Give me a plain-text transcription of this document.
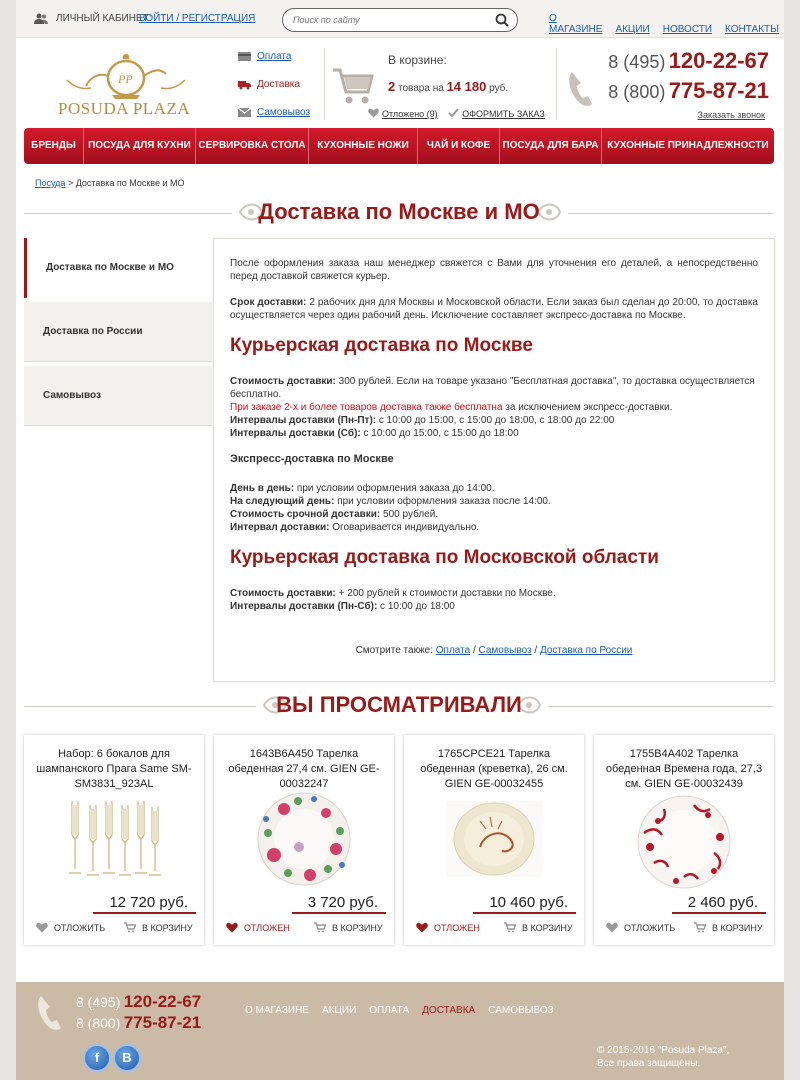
ЛИЧНЫЙ КАБИНЕТ:
ВОЙТИ / РЕГИСТРАЦИЯ
Поиск по сайту	О МАГАЗИНЕ АКЦИИ НОВОСТИ КОНТАКТЫ
PP
POSUDA PLAZA
Оплата
Доставка
Самовывоз
В корзине:
2 товара на 14 180 руб.
Отложено (9)	ОФОРМИТЬ ЗАКАЗ
8 (495) 120-22-67
8 (800) 775-87-21
Заказать звонок
БРЕНДЫ	ПОСУДА ДЛЯ КУХНИ СЕРВИРОВКА СТОЛА	КУХОННЫЕ НОЖИ	ЧАЙ И КОФЕ	ПОСУДА ДЛЯ БАРА КУХОННЫЕ ПРИНАДЛЕЖНОСТИ
Посуда > Доставка по Москве и МО
Доставка по Москве и МО
Доставка по Москве и МО
Доставка по России
Самовывоз

После оформления заказа наш менеджер свяжется с Вами для уточнения его деталей, а непосредственно перед доставкой свяжется курьер.

Срок доставки: 2 рабочих дня для Москвы и Московской области. Если заказ был сделан до 20:00, то доставка осуществляется через один рабочий день. Исключение составляет экспресс-доставка по Москве.

Курьерская доставка по Москве

Стоимость доставки: 300 рублей. Если на товаре указано "Бесплатная доставка", то доставка осуществляется бесплатно.
При заказе 2-х и более товаров доставка также бесплатна за исключением экспресс-доставки.
Интервалы доставки (Пн-Пт): с 10:00 до 15:00, с 15:00 до 18:00, с 18:00 до 22:00
Интервалы доставки (Сб): с 10:00 до 15:00, с 15:00 до 18:00

Экспресс-доставка по Москве

День в день: при условии оформления заказа до 14:00.
На следующий день: при условии оформления заказа после 14:00.
Стоимость срочной доставки: 500 рублей.
Интервал доставки: Оговаривается индивидуально.

Курьерская доставка по Московской области

Стоимость доставки: + 200 рублей к стоимости доставки по Москве.
Интервалы доставки (Пн-Сб): с 10:00 до 18:00

Смотрите также: Оплата / Самовывоз / Доставка по России
ВЫ ПРОСМАТРИВАЛИ
Набор: 6 бокалов для шампанского Прага Same SM-SM3831_923AL
12 720 руб.
ОТЛОЖИТЬ	В КОРЗИНУ
1643B6A450 Тарелка обеденная 27,4 см. GIEN GE-00032247
3 720 руб.
ОТЛОЖЕН	В КОРЗИНУ
1765CPCE21 Тарелка обеденная (креветка), 26 см. GIEN GE-00032455
10 460 руб.
ОТЛОЖЕН	В КОРЗИНУ
1755B4A402 Тарелка обеденная Времена года, 27,3 см. GIEN GE-00032439
2 460 руб.
ОТЛОЖИТЬ	В КОРЗИНУ
8 (495) 120-22-67
8 (800) 775-87-21
О МАГАЗИНЕ АКЦИИ ОПЛАТА ДОСТАВКА САМОВЫВОЗ
f	B	© 2015-2016 "Posuda Plaza",
Все права защищены.
